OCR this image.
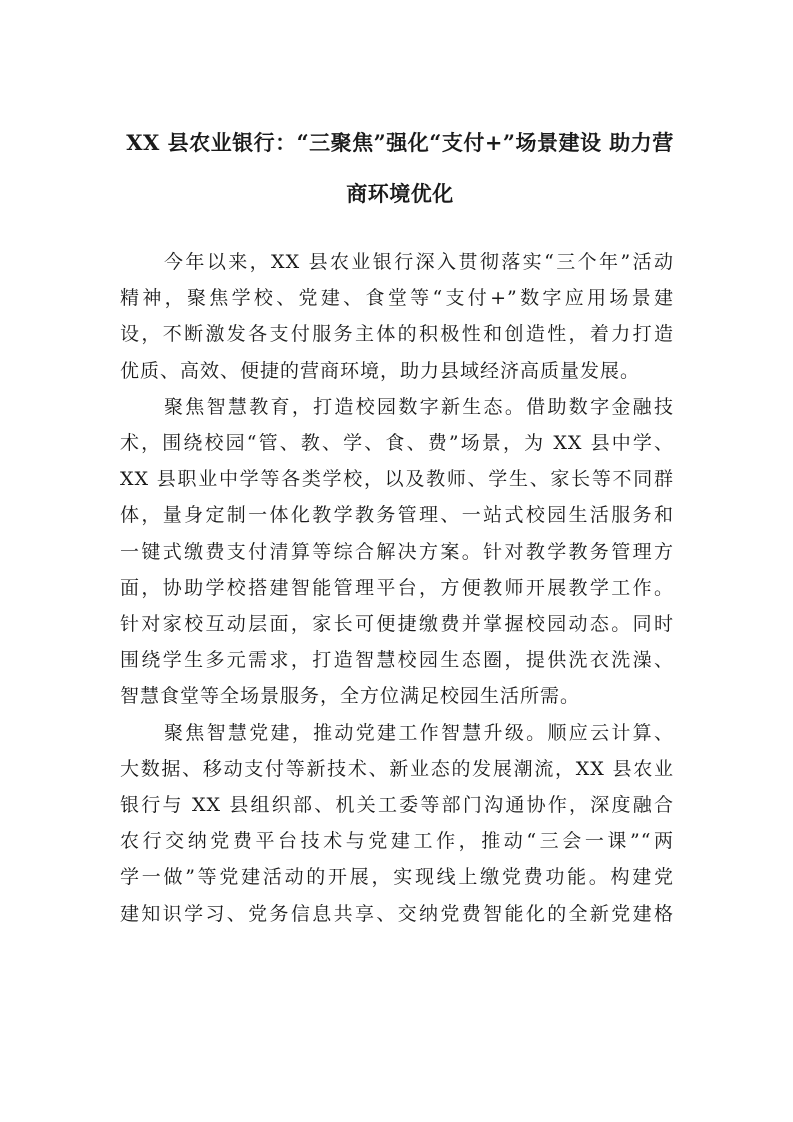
XX 县农业银行：“三聚焦”强化“支付+”场景建设 助力营
商环境优化
今年以来，XX 县农业银行深入贯彻落实“三个年”活动
精神，聚焦学校、党建、食堂等“支付+”数字应用场景建
设，不断激发各支付服务主体的积极性和创造性，着力打造
优质、高效、便捷的营商环境，助力县域经济高质量发展。
聚焦智慧教育，打造校园数字新生态。借助数字金融技
术，围绕校园“管、教、学、食、费”场景，为 XX 县中学、
XX 县职业中学等各类学校，以及教师、学生、家长等不同群
体，量身定制一体化教学教务管理、一站式校园生活服务和
一键式缴费支付清算等综合解决方案。针对教学教务管理方
面，协助学校搭建智能管理平台，方便教师开展教学工作。
针对家校互动层面，家长可便捷缴费并掌握校园动态。同时
围绕学生多元需求，打造智慧校园生态圈，提供洗衣洗澡、
智慧食堂等全场景服务，全方位满足校园生活所需。
聚焦智慧党建，推动党建工作智慧升级。顺应云计算、
大数据、移动支付等新技术、新业态的发展潮流，XX 县农业
银行与 XX 县组织部、机关工委等部门沟通协作，深度融合
农行交纳党费平台技术与党建工作，推动“三会一课”“两
学一做”等党建活动的开展，实现线上缴党费功能。构建党
建知识学习、党务信息共享、交纳党费智能化的全新党建格
